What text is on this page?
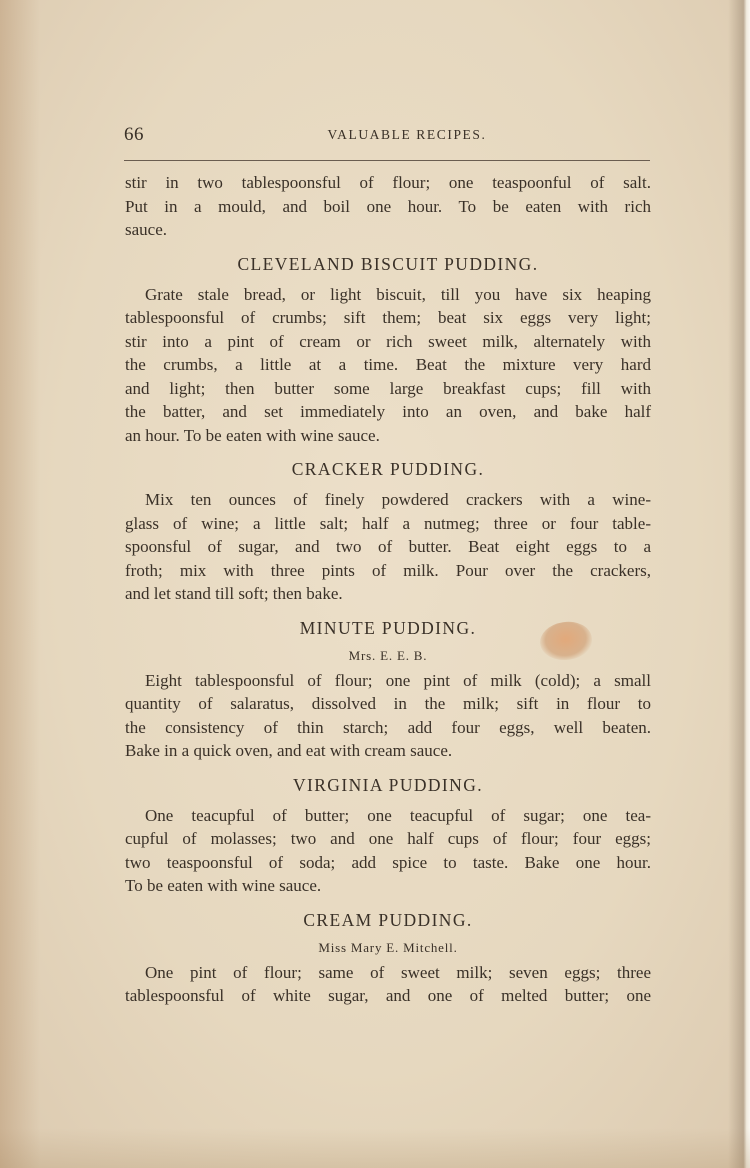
66	VALUABLE RECIPES.
stir in two tablespoonsful of flour; one teaspoonful of salt.
Put in a mould, and boil one hour. To be eaten with rich
sauce.
CLEVELAND BISCUIT PUDDING.
Grate stale bread, or light biscuit, till you have six heaping
tablespoonsful of crumbs; sift them; beat six eggs very light;
stir into a pint of cream or rich sweet milk, alternately with
the crumbs, a little at a time. Beat the mixture very hard
and light; then butter some large breakfast cups; fill with
the batter, and set immediately into an oven, and bake half
an hour. To be eaten with wine sauce.
CRACKER PUDDING.
Mix ten ounces of finely powdered crackers with a wine-
glass of wine; a little salt; half a nutmeg; three or four table-
spoonsful of sugar, and two of butter. Beat eight eggs to a
froth; mix with three pints of milk. Pour over the crackers,
and let stand till soft; then bake.
MINUTE PUDDING.
Mrs. E. E. B.
Eight tablespoonsful of flour; one pint of milk (cold); a small
quantity of salaratus, dissolved in the milk; sift in flour to
the consistency of thin starch; add four eggs, well beaten.
Bake in a quick oven, and eat with cream sauce.
VIRGINIA PUDDING.
One teacupful of butter; one teacupful of sugar; one tea-
cupful of molasses; two and one half cups of flour; four eggs;
two teaspoonsful of soda; add spice to taste. Bake one hour.
To be eaten with wine sauce.
CREAM PUDDING.
Miss Mary E. Mitchell.
One pint of flour; same of sweet milk; seven eggs; three
tablespoonsful of white sugar, and one of melted butter; one
